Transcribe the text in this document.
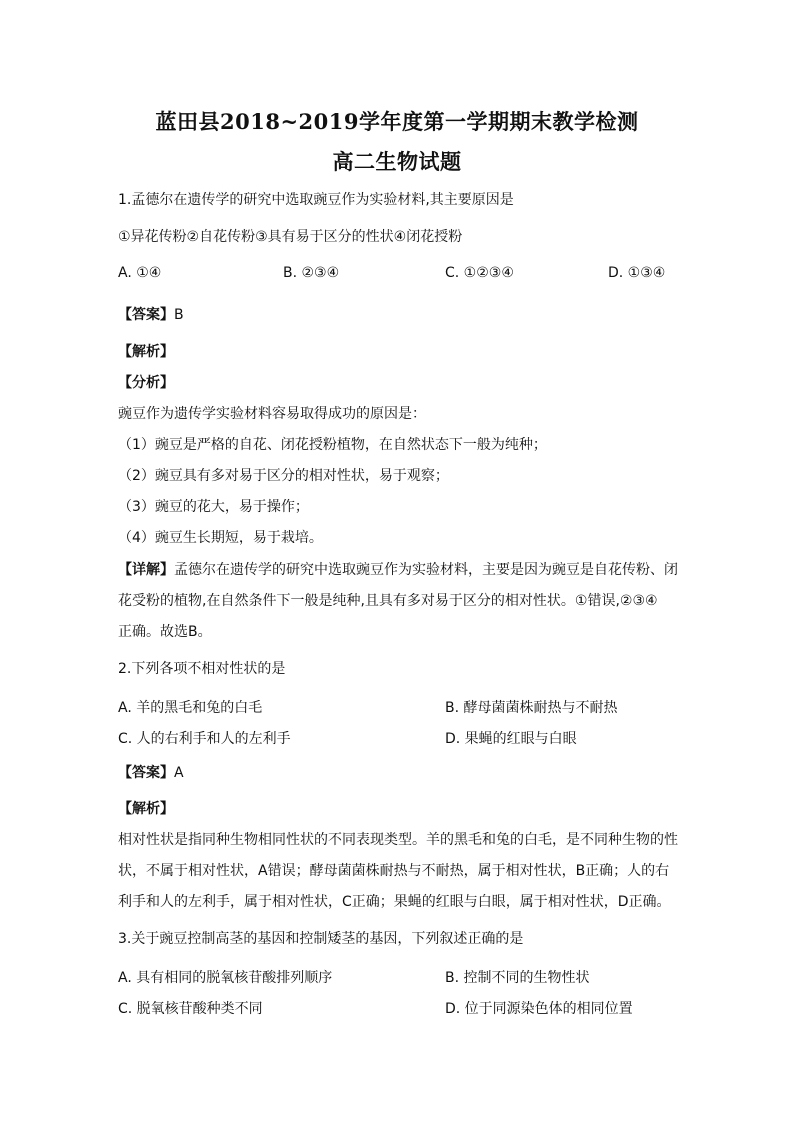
蓝田县2018~2019学年度第一学期期末教学检测
高二生物试题
1.孟德尔在遗传学的研究中选取豌豆作为实验材料,其主要原因是
①异花传粉②自花传粉③具有易于区分的性状④闭花授粉
A. ①④	B. ②③④	C. ①②③④	D. ①③④
【答案】B
【解析】
【分析】
豌豆作为遗传学实验材料容易取得成功的原因是：
（1）豌豆是严格的自花、闭花授粉植物，在自然状态下一般为纯种；
（2）豌豆具有多对易于区分的相对性状，易于观察；
（3）豌豆的花大，易于操作；
（4）豌豆生长期短，易于栽培。
【详解】孟德尔在遗传学的研究中选取豌豆作为实验材料，主要是因为豌豆是自花传粉、闭
花受粉的植物,在自然条件下一般是纯种,且具有多对易于区分的相对性状。①错误,②③④
正确。故选B。
2.下列各项不相对性状的是
A. 羊的黑毛和兔的白毛	B. 酵母菌菌株耐热与不耐热
C. 人的右利手和人的左利手	D. 果蝇的红眼与白眼
【答案】A
【解析】
相对性状是指同种生物相同性状的不同表现类型。羊的黑毛和兔的白毛，是不同种生物的性
状，不属于相对性状，A错误；酵母菌菌株耐热与不耐热，属于相对性状，B正确；人的右
利手和人的左利手，属于相对性状，C正确；果蝇的红眼与白眼，属于相对性状，D正确。
3.关于豌豆控制高茎的基因和控制矮茎的基因，下列叙述正确的是
A. 具有相同的脱氧核苷酸排列顺序	B. 控制不同的生物性状
C. 脱氧核苷酸种类不同	D. 位于同源染色体的相同位置
